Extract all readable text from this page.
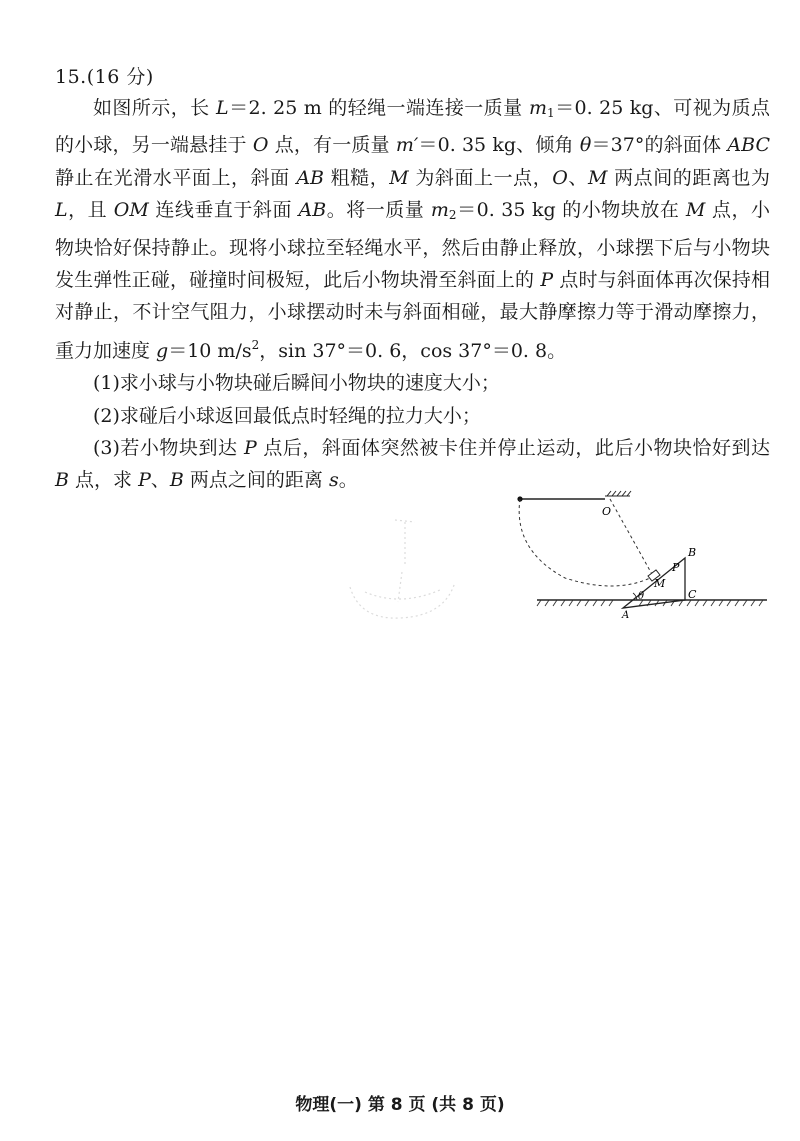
15.(16 分)

如图所示，长 L＝2. 25 m 的轻绳一端连接一质量 $m_1=0$. 25 kg、可视为质点的小球，另一端悬挂于 O 点，有一质量 m′＝0. 35 kg、倾角 θ＝37°的斜面体 ABC 静止在光滑水平面上，斜面 AB 粗糙，M 为斜面上一点，O、M 两点间的距离也为 L，且 OM 连线垂直于斜面 AB。将一质量 $m_2=0$. 35 kg 的小物块放在 M 点，小物块恰好保持静止。现将小球拉至轻绳水平，然后由静止释放，小球摆下后与小物块发生弹性正碰，碰撞时间极短，此后小物块滑至斜面上的 P 点时与斜面体再次保持相对静止，不计空气阻力，小球摆动时未与斜面相碰，最大静摩擦力等于滑动摩擦力，重力加速度 g＝10 $m/s^2$，sin 37°＝0. 6，cos 37°＝0. 8。

(1)求小球与小物块碰后瞬间小物块的速度大小；

(2)求碰后小球返回最低点时轻绳的拉力大小；

(3)若小物块到达 P 点后，斜面体突然被卡住并停止运动，此后小物块恰好到达 B 点，求 P、B 两点之间的距离 s。

O
B
P
M
C
A
θ
物理(一) 第 8 页 (共 8 页)
